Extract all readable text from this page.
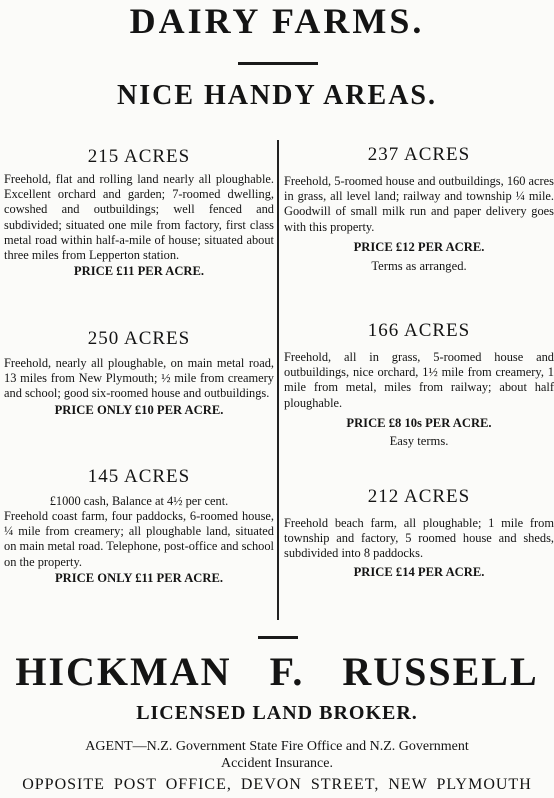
DAIRY FARMS.
NICE HANDY AREAS.
215 ACRES
Freehold, flat and rolling land nearly all ploughable. Excellent orchard and garden; 7-roomed dwelling, cowshed and outbuildings; well fenced and subdivided; situated one mile from factory, first class metal road within half-a-mile of house; situated about three miles from Lepperton station.
PRICE £11 PER ACRE.
250 ACRES
Freehold, nearly all ploughable, on main metal road, 13 miles from New Plymouth; ½ mile from creamery and school; good six-roomed house and outbuildings.
PRICE ONLY £10 PER ACRE.
145 ACRES
£1000 cash, Balance at 4½ per cent.
Freehold coast farm, four paddocks, 6-roomed house, ¼ mile from creamery; all ploughable land, situated on main metal road. Telephone, post-office and school on the property.
PRICE ONLY £11 PER ACRE.
237 ACRES
Freehold, 5-roomed house and outbuildings, 160 acres in grass, all level land; railway and township ¼ mile. Goodwill of small milk run and paper delivery goes with this property.
PRICE £12 PER ACRE.
Terms as arranged.
166 ACRES
Freehold, all in grass, 5-roomed house and outbuildings, nice orchard, 1½ mile from creamery, 1 mile from metal, miles from railway; about half ploughable.
PRICE £8 10s PER ACRE.
Easy terms.
212 ACRES
Freehold beach farm, all ploughable; 1 mile from township and factory, 5 roomed house and sheds, subdivided into 8 paddocks.
PRICE £14 PER ACRE.
HICKMAN F. RUSSELL
LICENSED LAND BROKER.
AGENT—N.Z. Government State Fire Office and N.Z. Government
Accident Insurance.
OPPOSITE POST OFFICE, DEVON STREET, NEW PLYMOUTH
